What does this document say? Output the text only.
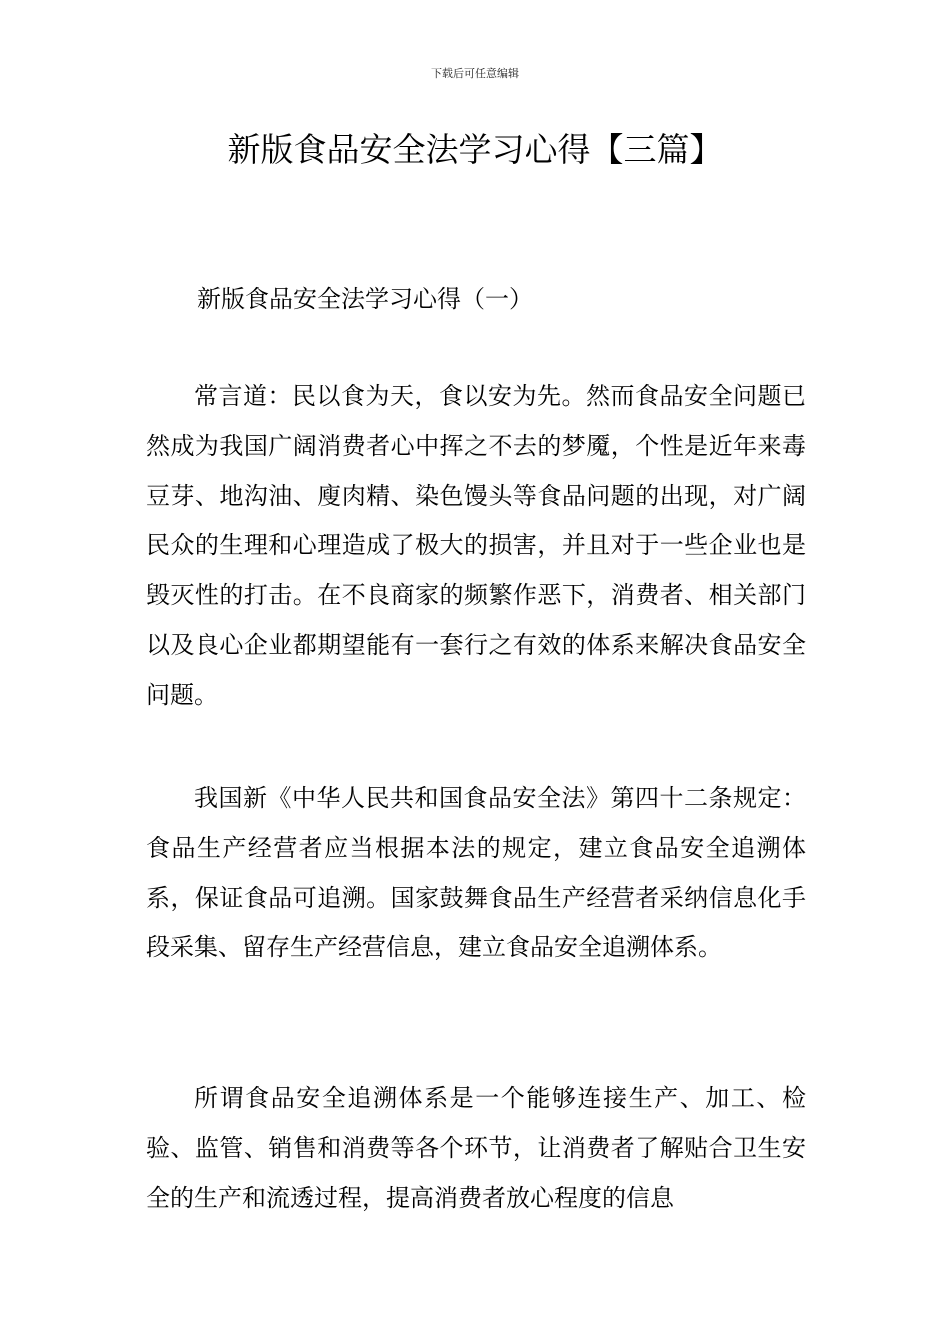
下载后可任意编辑
新版食品安全法学习心得【三篇】
新版食品安全法学习心得（一）

常言道：民以食为天，食以安为先。然而食品安全问题已然成为我国广阔消费者心中挥之不去的梦魇，个性是近年来毒豆芽、地沟油、廋肉精、染色馒头等食品问题的出现，对广阔民众的生理和心理造成了极大的损害，并且对于一些企业也是毁灭性的打击。在不良商家的频繁作恶下，消费者、相关部门以及良心企业都期望能有一套行之有效的体系来解决食品安全问题。

我国新《中华人民共和国食品安全法》第四十二条规定：食品生产经营者应当根据本法的规定，建立食品安全追溯体系，保证食品可追溯。国家鼓舞食品生产经营者采纳信息化手段采集、留存生产经营信息，建立食品安全追溯体系。

所谓食品安全追溯体系是一个能够连接生产、加工、检验、监管、销售和消费等各个环节，让消费者了解贴合卫生安全的生产和流透过程，提高消费者放心程度的信息
